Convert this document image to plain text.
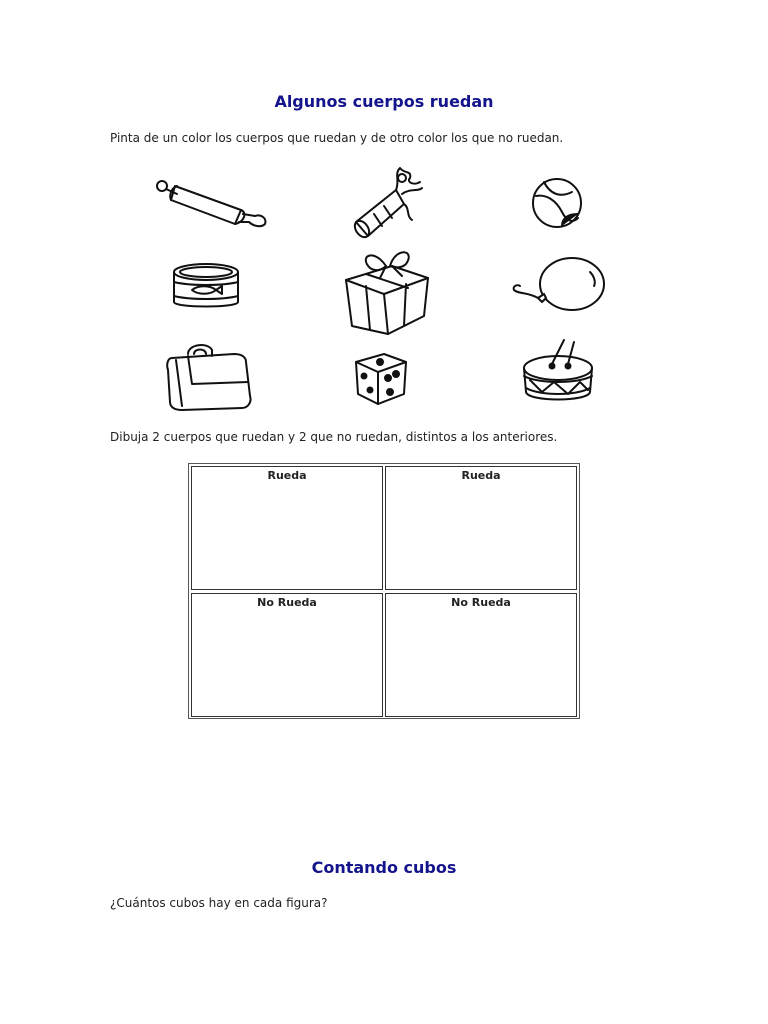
Algunos cuerpos ruedan
Pinta de un color los cuerpos que ruedan y de otro color los que no ruedan.
Dibuja 2 cuerpos que ruedan y 2 que no ruedan, distintos a los anteriores.
Rueda	Rueda
No Rueda	No Rueda
Contando cubos
¿Cuántos cubos hay en cada figura?
